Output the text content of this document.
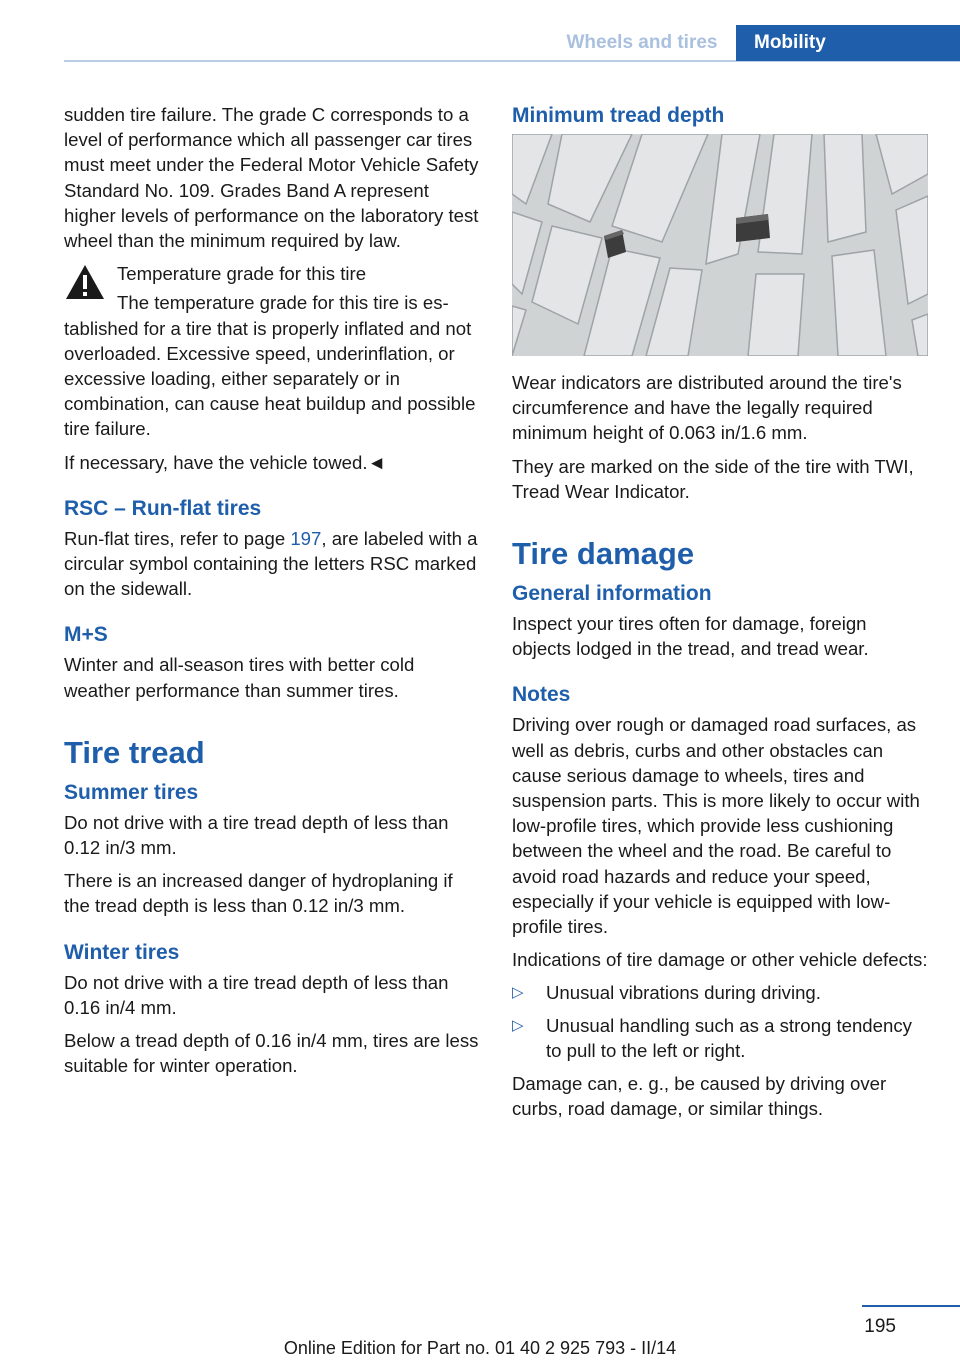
Wheels and tires	Mobility

sudden tire failure. The grade C corresponds to a level of performance which all passenger car tires must meet under the Federal Motor Vehicle Safety Standard No. 109. Grades Band A represent higher levels of performance on the laboratory test wheel than the minimum required by law.

Temperature grade for this tire

The temperature grade for this tire is established for a tire that is properly inflated and not overloaded. Excessive speed, underinflation, or excessive loading, either separately or in combination, can cause heat buildup and possible tire failure.

If necessary, have the vehicle towed.◄

RSC – Run-flat tires

Run-flat tires, refer to page 197, are labeled with a circular symbol containing the letters RSC marked on the sidewall.

M+S

Winter and all-season tires with better cold weather performance than summer tires.

Tire tread
Summer tires

Do not drive with a tire tread depth of less than 0.12 in/3 mm.

There is an increased danger of hydroplaning if the tread depth is less than 0.12 in/3 mm.

Winter tires

Do not drive with a tire tread depth of less than 0.16 in/4 mm.

Below a tread depth of 0.16 in/4 mm, tires are less suitable for winter operation.

Minimum tread depth

Wear indicators are distributed around the tire's circumference and have the legally required minimum height of 0.063 in/1.6 mm.

They are marked on the side of the tire with TWI, Tread Wear Indicator.

Tire damage
General information

Inspect your tires often for damage, foreign objects lodged in the tread, and tread wear.

Notes

Driving over rough or damaged road surfaces, as well as debris, curbs and other obstacles can cause serious damage to wheels, tires and suspension parts. This is more likely to occur with low-profile tires, which provide less cushioning between the wheel and the road. Be careful to avoid road hazards and reduce your speed, especially if your vehicle is equipped with low-profile tires.

Indications of tire damage or other vehicle defects:

▷ Unusual vibrations during driving.
▷ Unusual handling such as a strong tendency to pull to the left or right.

Damage can, e. g., be caused by driving over curbs, road damage, or similar things.

195
Online Edition for Part no. 01 40 2 925 793 - II/14
